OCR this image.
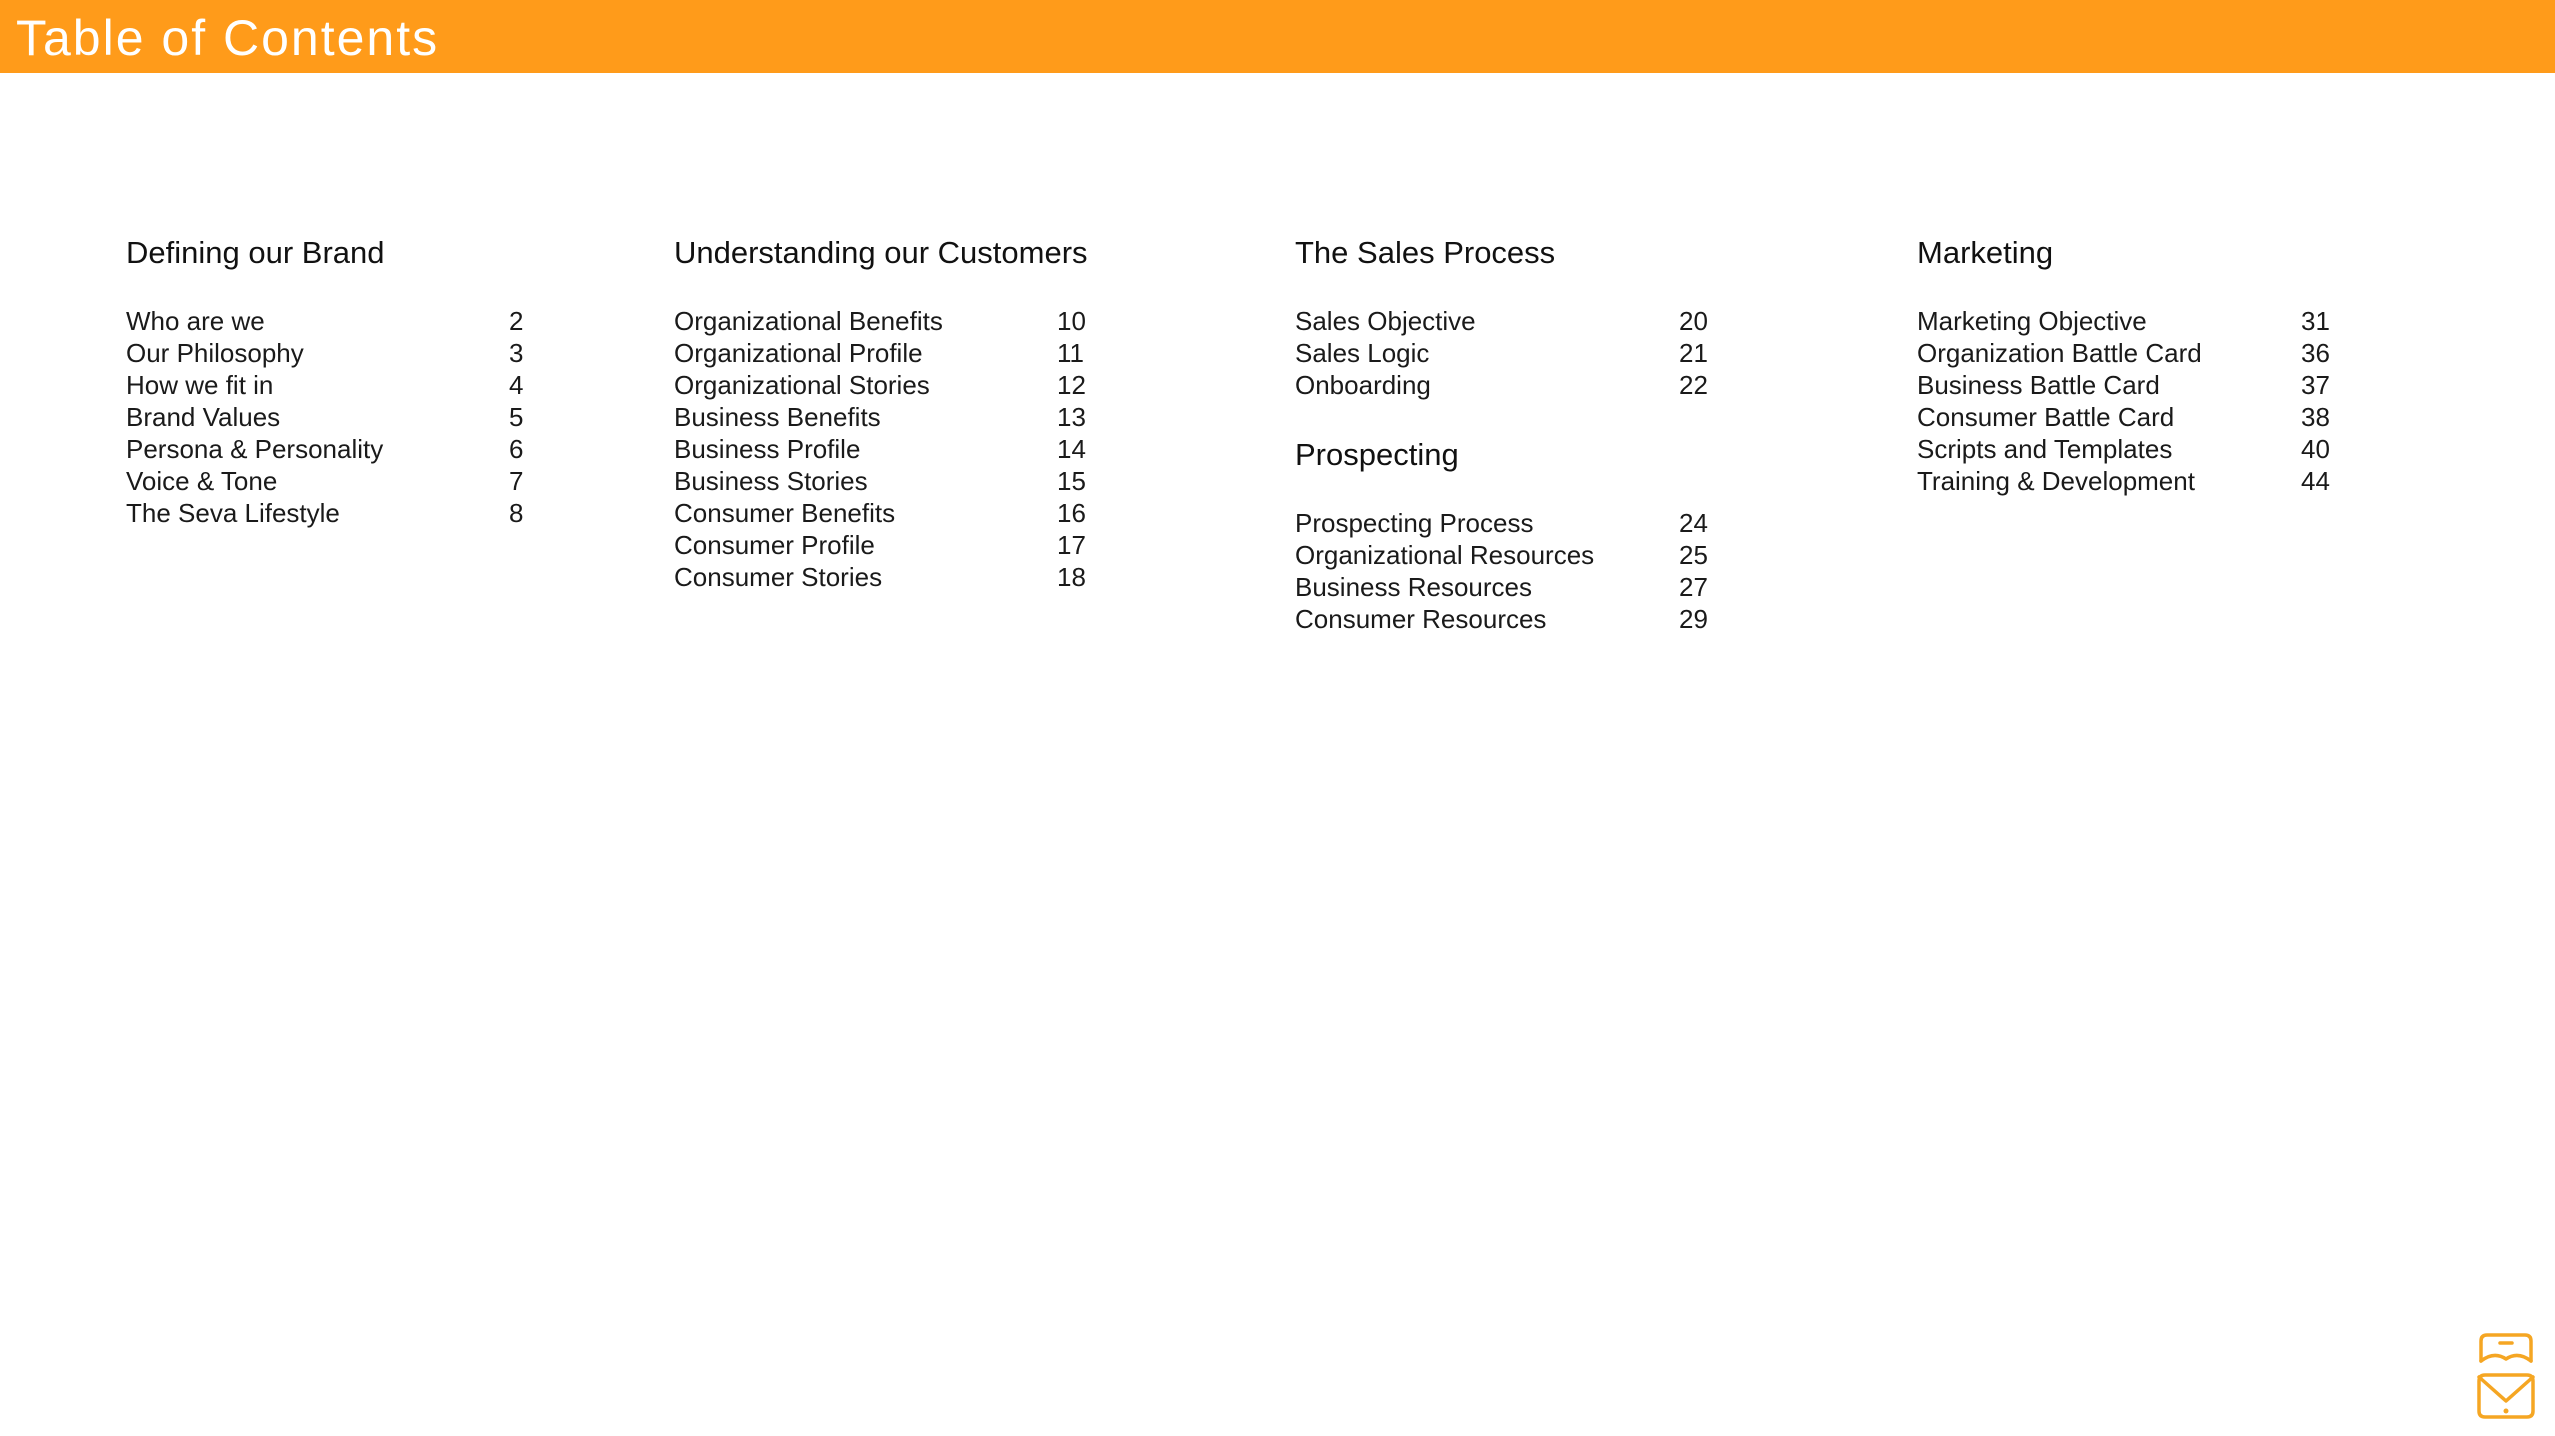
Table of Contents
Defining our Brand
Who are we	2
Our Philosophy	3
How we fit in	4
Brand Values	5
Persona & Personality	6
Voice & Tone	7
The Seva Lifestyle	8
Understanding our Customers
Organizational Benefits	10
Organizational Profile	11
Organizational Stories	12
Business Benefits	13
Business Profile	14
Business Stories	15
Consumer Benefits	16
Consumer Profile	17
Consumer Stories	18
The Sales Process
Sales Objective	20
Sales Logic	21
Onboarding	22
Prospecting
Prospecting Process	24
Organizational Resources	25
Business Resources	27
Consumer Resources	29
Marketing
Marketing Objective	31
Organization Battle Card	36
Business Battle Card	37
Consumer Battle Card	38
Scripts and Templates	40
Training & Development	44
